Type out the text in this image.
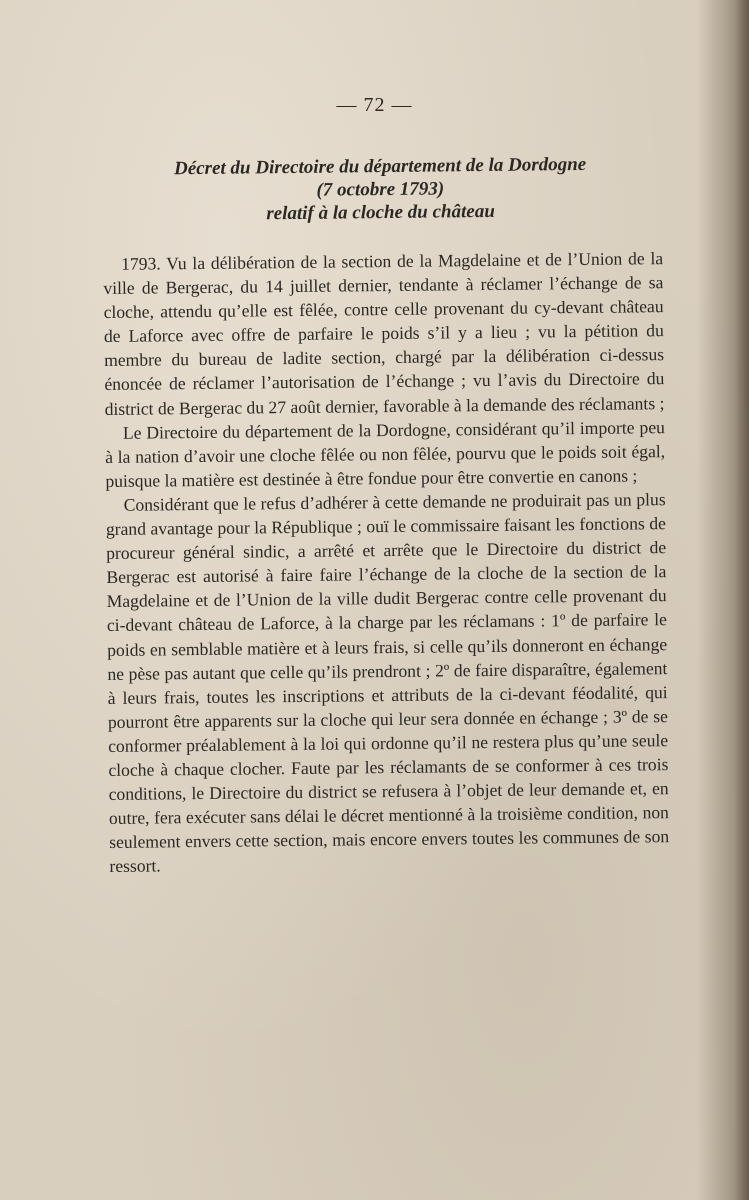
— 72 —
Décret du Directoire du département de la Dordogne
(7 octobre 1793)
relatif à la cloche du château

1793. Vu la délibération de la section de la Magdelaine et de l’Union de la ville de Bergerac, du 14 juillet dernier, tendante à réclamer l’échange de sa cloche, attendu qu’elle est fêlée, contre celle provenant du cy-devant château de Laforce avec offre de parfaire le poids s’il y a lieu ; vu la pétition du membre du bureau de ladite section, chargé par la délibération ci-dessus énoncée de réclamer l’autorisation de l’échange ; vu l’avis du Directoire du district de Bergerac du 27 août dernier, favorable à la demande des réclamants ;

Le Directoire du département de la Dordogne, considérant qu’il importe peu à la nation d’avoir une cloche fêlée ou non fêlée, pourvu que le poids soit égal, puisque la matière est destinée à être fondue pour être convertie en canons ;

Considérant que le refus d’adhérer à cette demande ne produirait pas un plus grand avantage pour la République ; ouï le commissaire faisant les fonctions de procureur général sindic, a arrêté et arrête que le Directoire du district de Bergerac est autorisé à faire faire l’échange de la cloche de la section de la Magdelaine et de l’Union de la ville dudit Bergerac contre celle provenant du ci-devant château de Laforce, à la charge par les réclamans : 1º de parfaire le poids en semblable matière et à leurs frais, si celle qu’ils donneront en échange ne pèse pas autant que celle qu’ils prendront ; 2º de faire disparaître, également à leurs frais, toutes les inscriptions et attributs de la ci-devant féodalité, qui pourront être apparents sur la cloche qui leur sera donnée en échange ; 3º de se conformer préalablement à la loi qui ordonne qu’il ne restera plus qu’une seule cloche à chaque clocher. Faute par les réclamants de se conformer à ces trois conditions, le Directoire du district se refusera à l’objet de leur demande et, en outre, fera exécuter sans délai le décret mentionné à la troisième condition, non seulement envers cette section, mais encore envers toutes les communes de son ressort.
